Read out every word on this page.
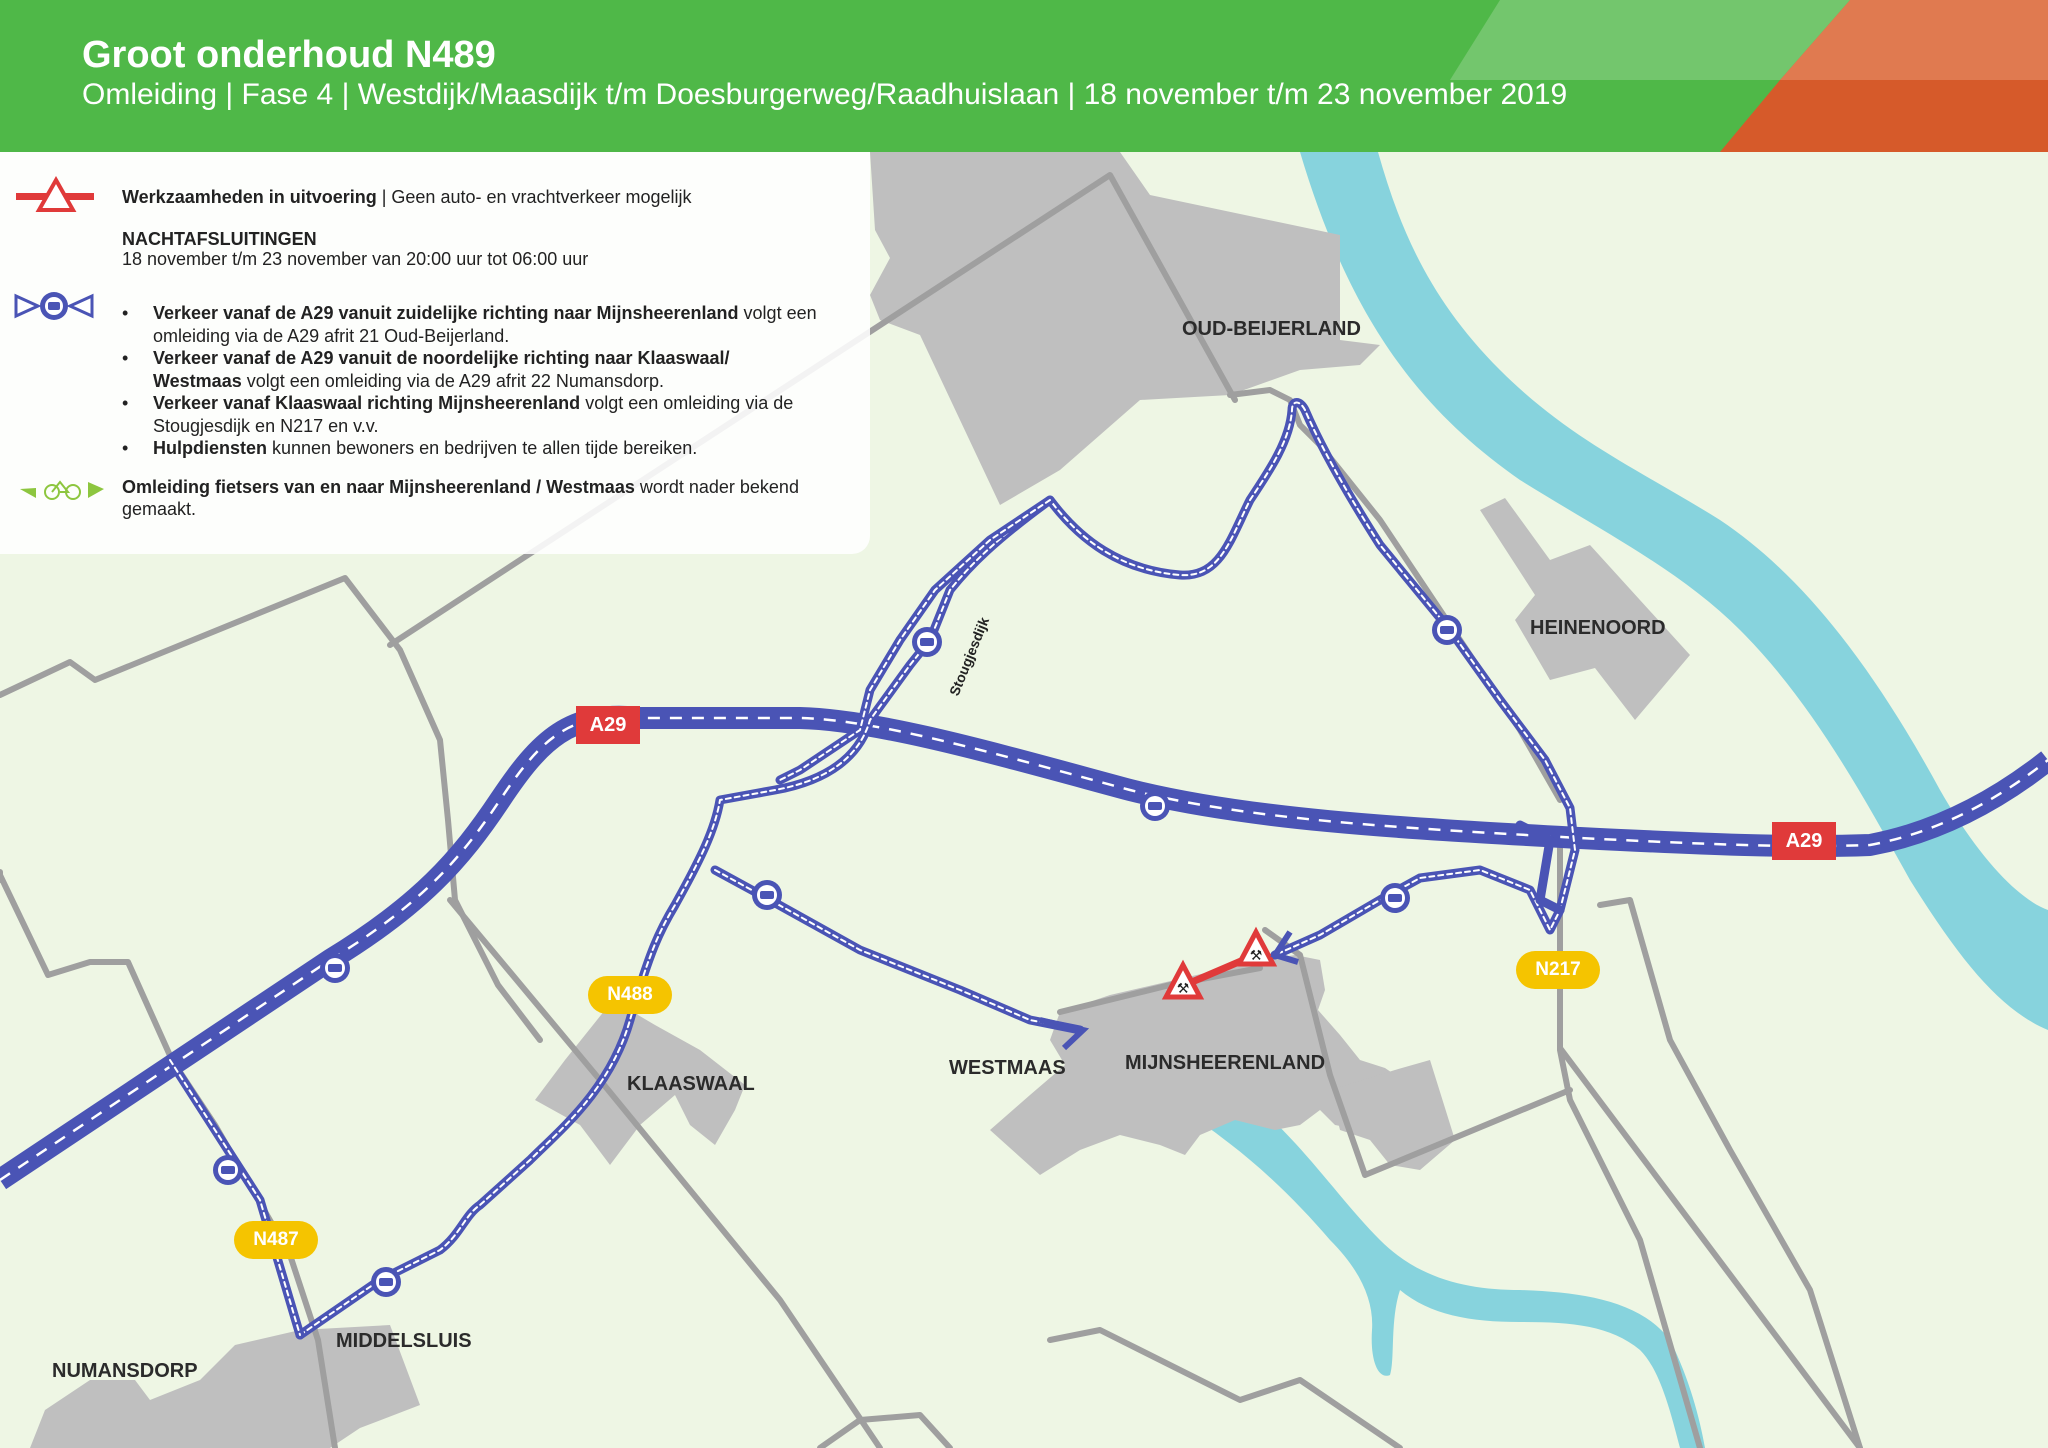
⚒
⚒
Groot onderhoud N489
Omleiding | Fase 4 | Westdijk/Maasdijk t/m Doesburgerweg/Raadhuislaan | 18 november t/m 23 november 2019
Werkzaamheden in uitvoering | Geen auto- en vrachtverkeer mogelijk
NACHTAFSLUITINGEN
18 november t/m 23 november van 20:00 uur tot 06:00 uur
• Verkeer vanaf de A29 vanuit zuidelijke richting naar Mijnsheerenland volgt een omleiding via de A29 afrit 21 Oud-Beijerland.
• Verkeer vanaf de A29 vanuit de noordelijke richting naar Klaaswaal/ Westmaas volgt een omleiding via de A29 afrit 22 Numansdorp.
• Verkeer vanaf Klaaswaal richting Mijnsheerenland volgt een omleiding via de Stougjesdijk en N217 en v.v.
• Hulpdiensten kunnen bewoners en bedrijven te allen tijde bereiken.
Omleiding fietsers van en naar Mijnsheerenland / Westmaas wordt nader bekend gemaakt.
OUD-BEIJERLAND
HEINENOORD
KLAASWAAL
WESTMAAS	MIJNSHEERENLAND
MIDDELSLUIS
NUMANSDORP
A29
A29
N488
N217
N487
Stougjesdijk
